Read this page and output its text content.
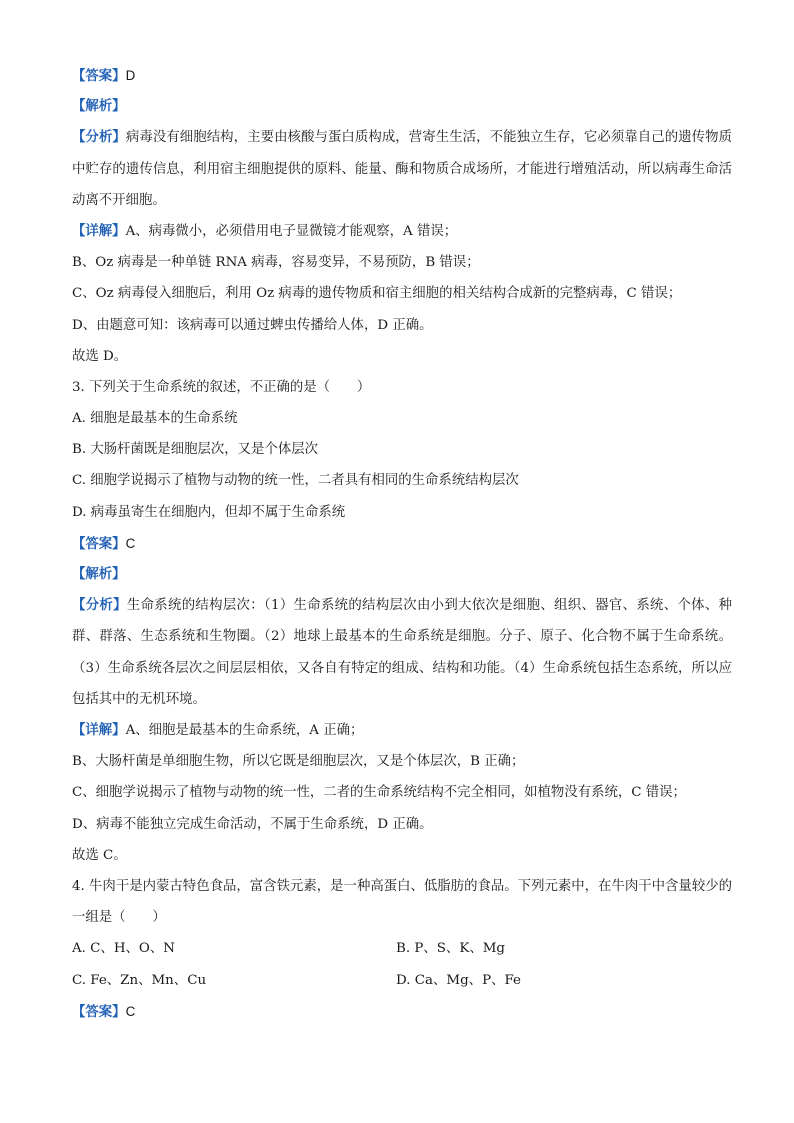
【答案】D
【解析】
【分析】病毒没有细胞结构，主要由核酸与蛋白质构成，营寄生生活，不能独立生存，它必须靠自己的遗传物质中贮存的遗传信息，利用宿主细胞提供的原料、能量、酶和物质合成场所，才能进行增殖活动，所以病毒生命活动离不开细胞。
【详解】A、病毒微小，必须借用电子显微镜才能观察，A 错误；
B、Oz 病毒是一种单链 RNA 病毒，容易变异，不易预防，B 错误；
C、Oz 病毒侵入细胞后，利用 Oz 病毒的遗传物质和宿主细胞的相关结构合成新的完整病毒，C 错误；
D、由题意可知：该病毒可以通过蜱虫传播给人体，D 正确。
故选 D。
3. 下列关于生命系统的叙述，不正确的是（　　）
A. 细胞是最基本的生命系统
B. 大肠杆菌既是细胞层次，又是个体层次
C. 细胞学说揭示了植物与动物的统一性，二者具有相同的生命系统结构层次
D. 病毒虽寄生在细胞内，但却不属于生命系统
【答案】C
【解析】
【分析】生命系统的结构层次：（1）生命系统的结构层次由小到大依次是细胞、组织、器官、系统、个体、种群、群落、生态系统和生物圈。（2）地球上最基本的生命系统是细胞。分子、原子、化合物不属于生命系统。（3）生命系统各层次之间层层相依，又各自有特定的组成、结构和功能。（4）生命系统包括生态系统，所以应包括其中的无机环境。
【详解】A、细胞是最基本的生命系统，A 正确；
B、大肠杆菌是单细胞生物，所以它既是细胞层次，又是个体层次，B 正确；
C、细胞学说揭示了植物与动物的统一性，二者的生命系统结构不完全相同，如植物没有系统，C 错误；
D、病毒不能独立完成生命活动，不属于生命系统，D 正确。
故选 C。
4. 牛肉干是内蒙古特色食品，富含铁元素，是一种高蛋白、低脂肪的食品。下列元素中，在牛肉干中含量较少的一组是（　　）
A. C、H、O、N	B. P、S、K、Mg
C. Fe、Zn、Mn、Cu	D. Ca、Mg、P、Fe
【答案】C
